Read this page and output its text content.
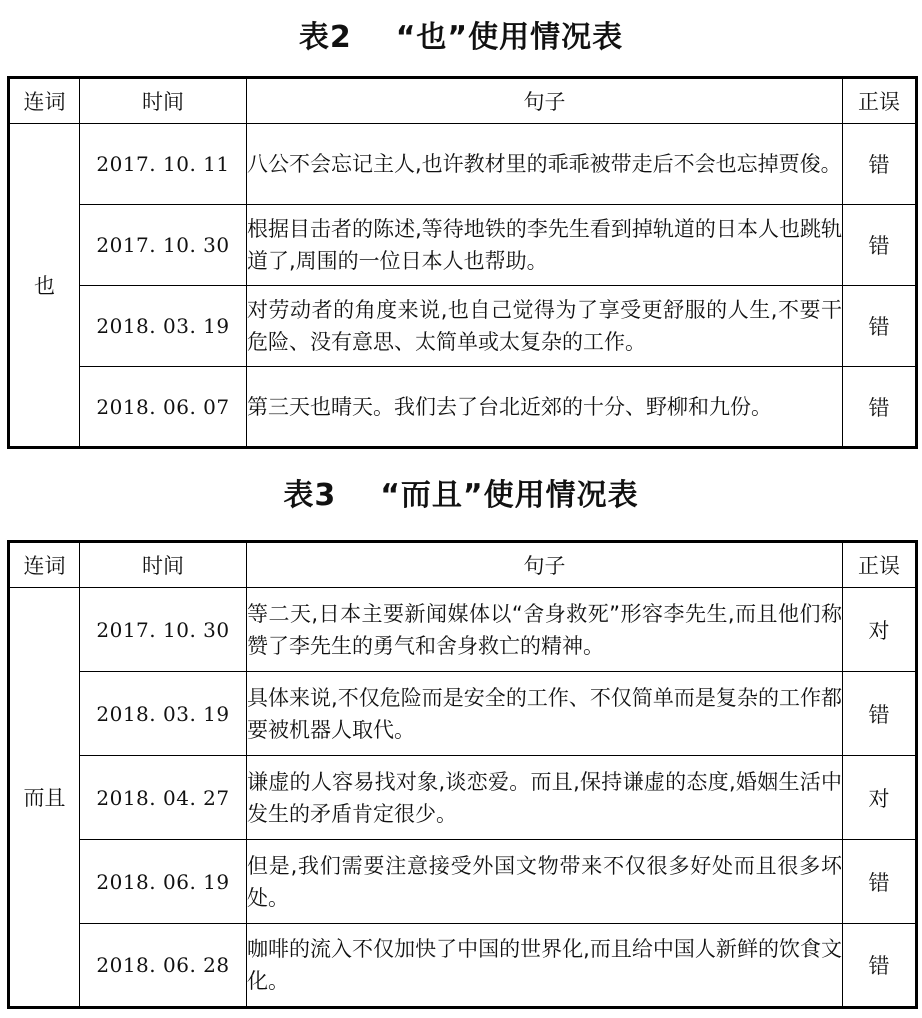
表2 “也”使用情况表
连词	时间	句子	正误
也	2017. 10. 11	八公不会忘记主人,也许教材里的乖乖被带走后不会也忘掉贾俊。	错
	2017. 10. 30	根据目击者的陈述,等待地铁的李先生看到掉轨道的日本人也跳轨道了,周围的一位日本人也帮助。	错
	2018. 03. 19	对劳动者的角度来说,也自己觉得为了享受更舒服的人生,不要干危险、没有意思、太简单或太复杂的工作。	错
	2018. 06. 07	第三天也晴天。我们去了台北近郊的十分、野柳和九份。	错
表3 “而且”使用情况表
连词	时间	句子	正误
而且	2017. 10. 30	等二天,日本主要新闻媒体以“舍身救死”形容李先生,而且他们称赞了李先生的勇气和舍身救亡的精神。	对
	2018. 03. 19	具体来说,不仅危险而是安全的工作、不仅简单而是复杂的工作都要被机器人取代。	错
	2018. 04. 27	谦虚的人容易找对象,谈恋爱。而且,保持谦虚的态度,婚姻生活中发生的矛盾肯定很少。	对
	2018. 06. 19	但是,我们需要注意接受外国文物带来不仅很多好处而且很多坏处。	错
	2018. 06. 28	咖啡的流入不仅加快了中国的世界化,而且给中国人新鲜的饮食文化。	错
